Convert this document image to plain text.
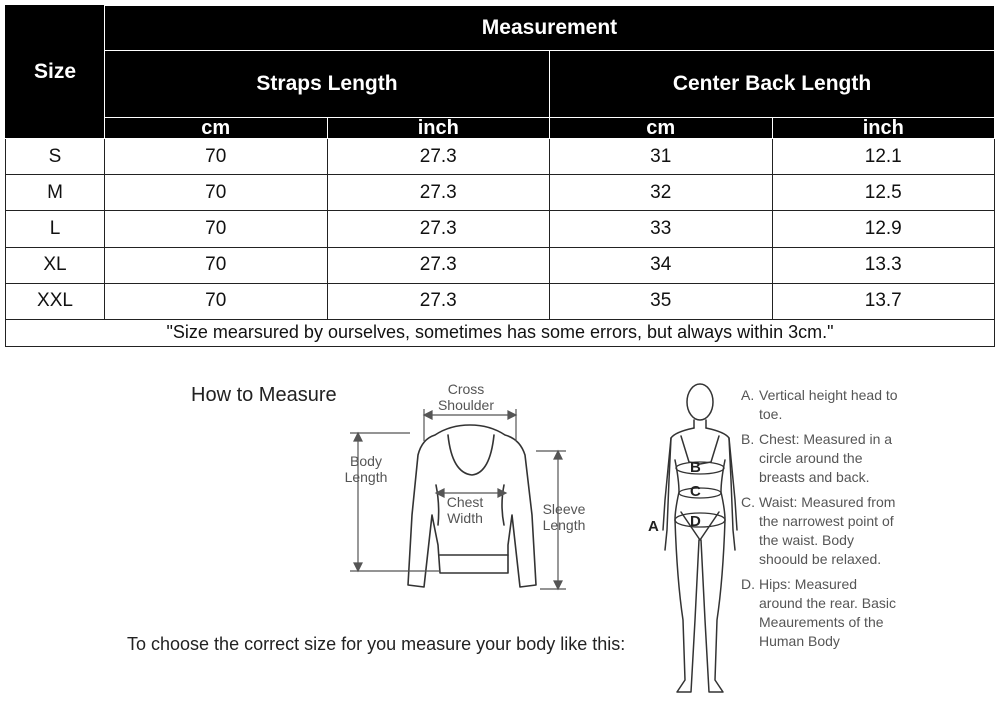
Size	Measurement			
	Straps Length		Center Back Length	
	cm	inch	cm	inch
S	70	27.3	31	12.1
M	70	27.3	32	12.5
L	70	27.3	33	12.9
XL	70	27.3	34	13.3
XXL	70	27.3	35	13.7
"Size mearsured by ourselves, sometimes has some errors, but always within 3cm."				
How to Measure	Cross Shoulder
Body Length
Chest Width
Sleeve Length
To choose the correct size for you measure your body like this:
A
B
C
D
A. Vertical height head to toe.
B. Chest: Measured in a circle around the breasts and back.
C. Waist: Measured from the narrowest point of the waist. Body shoould be relaxed.
D. Hips: Measured around the rear. Basic Meaurements of the Human Body
